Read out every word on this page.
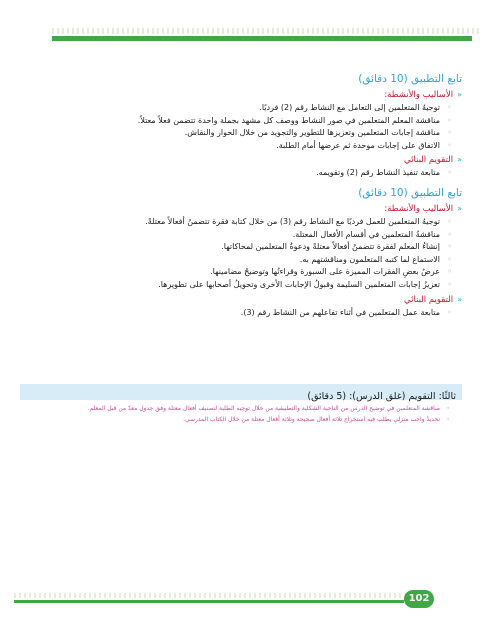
تابع التطبيق (10 دقائق)
«الأساليب والأنشطة:
◦
توجيهُ المتعلمين إلى التعامل مع النشاط رقم (2) فرديًا.
◦
مناقشة المعلم المتعلمين في صور النشاط ووصف كل مشهد بجملة واحدة تتضمن فعلاً معتلاً.
◦
مناقشة إجابات المتعلمين وتعزيزها للتطوير والتجويد من خلال الحوار والنقاش.
◦
الاتفاق على إجابات موحدة ثم عرضها أمام الطلبة.
«التقويم البنائي
◦
متابعة تنفيذ النشاط رقم (2) وتقويمه.
تابع التطبيق (10 دقائق)
«الأساليب والأنشطة:
◦
توجيهُ المتعلمين للعمل فرديًا مع النشاط رقم (3) من خلال كتابة فقرة تتضمنُ أفعالاً معتلةً.
◦
مناقشةُ المتعلمين في أقسام الأفعال المعتلة.
◦
إنشاءُ المعلم لفقرة تتضمنُ أفعالاً معتلةً ودعوةُ المتعلمين لمحاكاتها.
◦
الاستماع لما كتبه المتعلمون ومناقشتهم به.
◦
عرضُ بعضِ الفقرات المميزة على السبورة وقراءتُها وتوضيحُ مضامينها.
◦
تعزيزُ إجابات المتعلمين السليمة وقبولُ الإجابات الأخرى وتحويلُ أصحابها على تطويرها.
«التقويم البنائي
◦
متابعة عمل المتعلمين في أثناء تفاعلهم من النشاط رقم (3).
ثالثًا: التقويم (غلق الدرس): (5 دقائق)
◦
مناقشة المتعلمين في توضيح الدرس من الناحية الشكلية والتطبيقية من خلال توجيه الطلبة لتصنيف أفعال معتلة وفق جدول معدّ من قبل المعلم.
◦
تحديدُ واجب منزلي يطلب فيه استخراج ثلاثة أفعال صحيحة وثلاثة أفعال معتلة من خلال الكتاب المدرسي.
102
